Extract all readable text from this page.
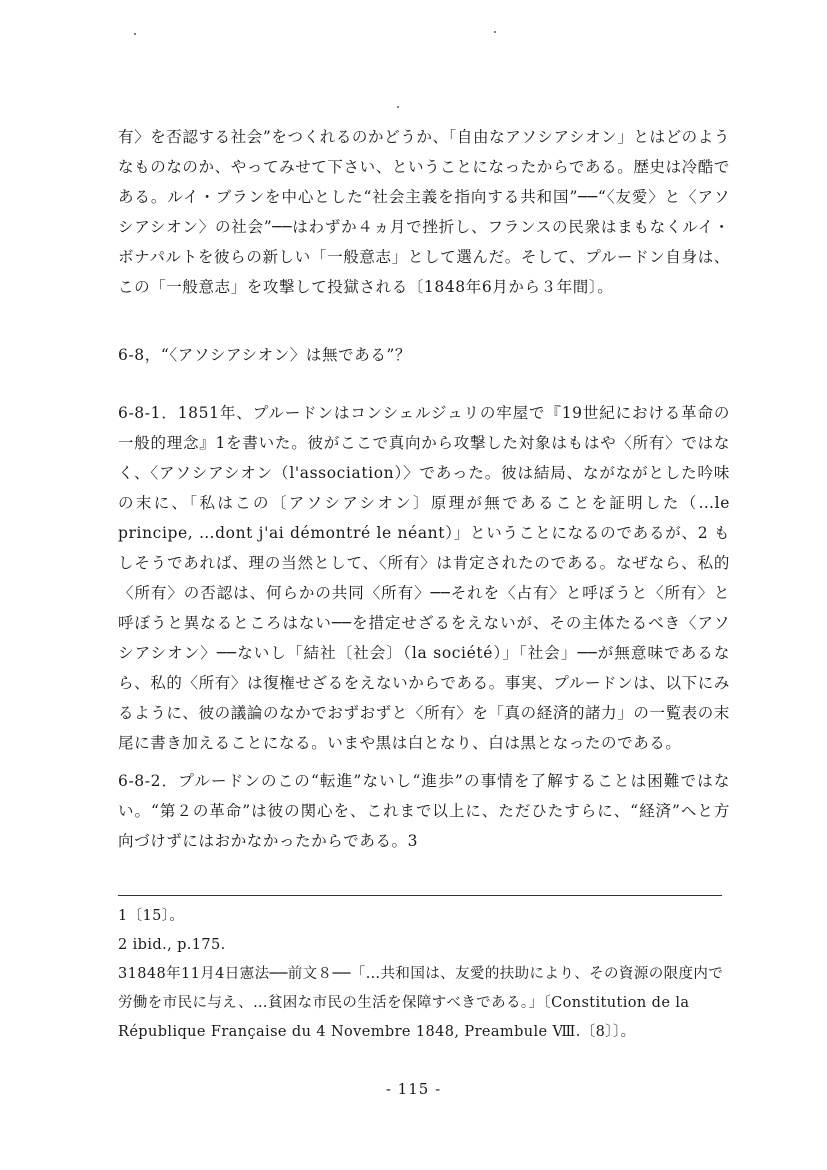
有〉を否認する社会”をつくれるのかどうか、「自由なアソシアシオン」とはどのようなものなのか、やってみせて下さい、ということになったからである。歴史は冷酷である。ルイ・ブランを中心とした“社会主義を指向する共和国”──“〈友愛〉と〈アソシアシオン〉の社会”──はわずか４ヵ月で挫折し、フランスの民衆はまもなくルイ・ボナパルトを彼らの新しい「一般意志」として選んだ。そして、プルードン自身は、この「一般意志」を攻撃して投獄される〔1848年6月から３年間〕。

6-8，“〈アソシアシオン〉は無である”？

6-8-1．1851年、プルードンはコンシェルジュリの牢屋で『19世紀における革命の一般的理念』1を書いた。彼がここで真向から攻撃した対象はもはや〈所有〉ではなく、〈アソシアシオン（l'association）〉であった。彼は結局、ながながとした吟味の末に、「私はこの〔アソシアシオン〕原理が無であることを証明した（…le principe, …dont j'ai démontré le néant）」ということになるのであるが、2 もしそうであれば、理の当然として、〈所有〉は肯定されたのである。なぜなら、私的〈所有〉の否認は、何らかの共同〈所有〉──それを〈占有〉と呼ぼうと〈所有〉と呼ぼうと異なるところはない──を措定せざるをえないが、その主体たるべき〈アソシアシオン〉──ないし「結社〔社会〕（la société）」「社会」──が無意味であるなら、私的〈所有〉は復権せざるをえないからである。事実、プルードンは、以下にみるように、彼の議論のなかでおずおずと〈所有〉を「真の経済的諸力」の一覧表の末尾に書き加えることになる。いまや黒は白となり、白は黒となったのである。

6-8-2．プルードンのこの“転進”ないし“進歩”の事情を了解することは困難ではない。“第２の革命”は彼の関心を、これまで以上に、ただひたすらに、“経済”へと方向づけずにはおかなかったからである。3

1〔15〕。

2 ibid., p.175.

31848年11月4日憲法──前文８──「…共和国は、友愛的扶助により、その資源の限度内で労働を市民に与え、…貧困な市民の生活を保障すべきである。」〔Constitution de la République Française du 4 Novembre 1848, Preambule Ⅷ.〔8〕〕。

- 115 -
